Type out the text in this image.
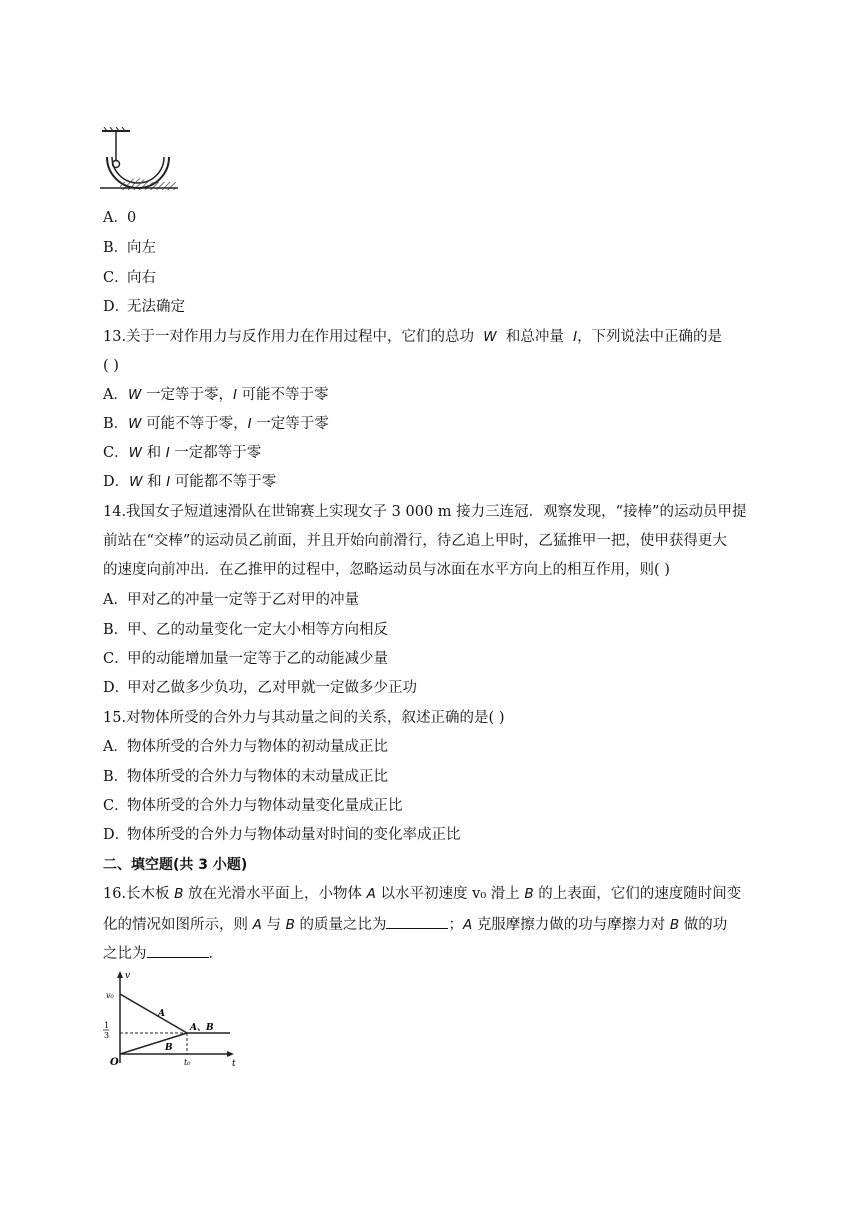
A．0
B．向左
C．向右
D．无法确定
13.关于一对作用力与反作用力在作用过程中，它们的总功 W 和总冲量 I，下列说法中正确的是
( )
A．W 一定等于零，I 可能不等于零
B．W 可能不等于零，I 一定等于零
C．W 和 I 一定都等于零
D．W 和 I 可能都不等于零
14.我国女子短道速滑队在世锦赛上实现女子 3 000 m 接力三连冠．观察发现，“接棒”的运动员甲提
前站在“交棒”的运动员乙前面，并且开始向前滑行，待乙追上甲时，乙猛推甲一把，使甲获得更大
的速度向前冲出．在乙推甲的过程中，忽略运动员与冰面在水平方向上的相互作用，则( )
A．甲对乙的冲量一定等于乙对甲的冲量
B．甲、乙的动量变化一定大小相等方向相反
C．甲的动能增加量一定等于乙的动能减少量
D．甲对乙做多少负功，乙对甲就一定做多少正功
15.对物体所受的合外力与其动量之间的关系，叙述正确的是( )
A．物体所受的合外力与物体的初动量成正比
B．物体所受的合外力与物体的末动量成正比
C．物体所受的合外力与物体动量变化量成正比
D．物体所受的合外力与物体动量对时间的变化率成正比
二、填空题(共 3 小题)
16.长木板 B 放在光滑水平面上，小物体 A 以水平初速度 v₀ 滑上 B 的上表面，它们的速度随时间变
化的情况如图所示，则 A 与 B 的质量之比为	；A 克服摩擦力做的功与摩擦力对 B 做的功
之比为	．
v
t
O
v₀
1
3
t₀
A
B
A、B
